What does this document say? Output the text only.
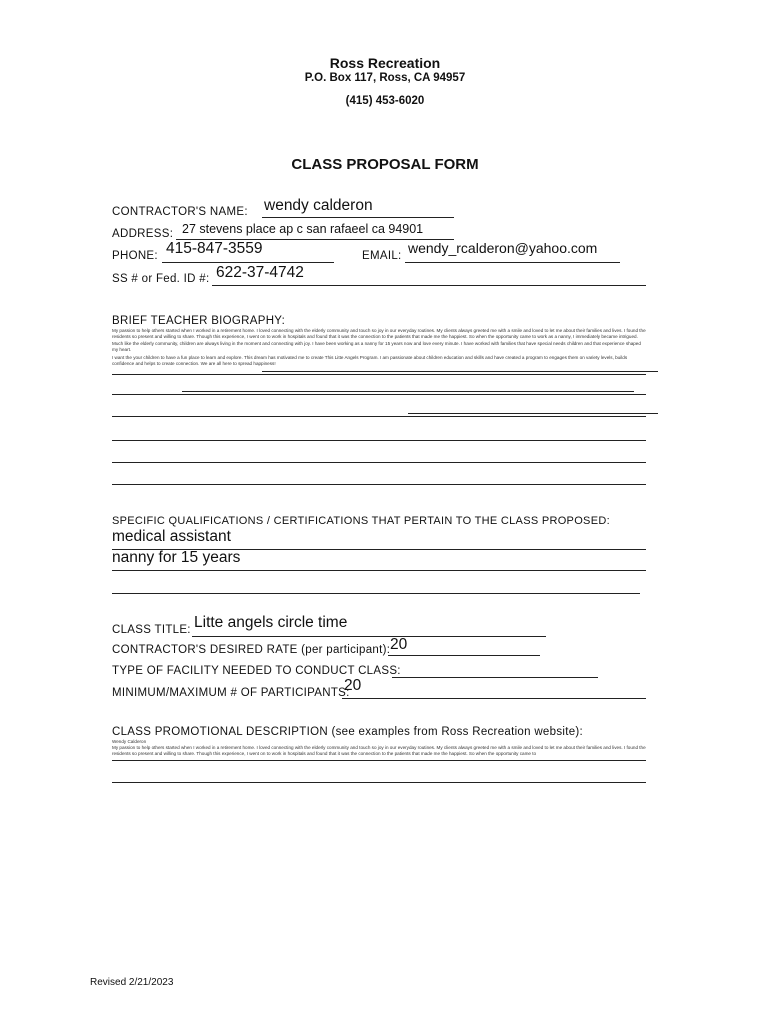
Ross Recreation
P.O. Box 117, Ross, CA 94957
(415) 453-6020
CLASS PROPOSAL FORM
CONTRACTOR'S NAME: wendy calderon
ADDRESS: 27 stevens place ap c san rafaeel ca 94901
PHONE: 415-847-3559	EMAIL: wendy_rcalderon@yahoo.com
SS # or Fed. ID #: 622-37-4742
BRIEF TEACHER BIOGRAPHY:
My passion to help others started when I worked in a retirement home. I loved connecting with the elderly community and touch so joy in our everyday routines. My clients always greeted me with a smile and loved to let me about their families and lives. I found the residents so present and willing to share. Though this experience, I went on to work in hospitals and found that it was the connection to the patients that made me the happiest. So when the opportunity came to work as a nanny, I immediately became intrigued. Much like the elderly community, children are always living in the moment and connecting with joy. I have been working as a nanny for 15 years now and love every minute. I have worked with families that have special needs children and that experience shaped my heart.
I want the your children to have a fun place to learn and explore. This dream has motivated me to create This Litte Angels Program. I am passionate about children education and skills and have created a program to engages them on variety levels, builds confidence and helps to create connection. We are all here to spread happiness!
SPECIFIC QUALIFICATIONS / CERTIFICATIONS THAT PERTAIN TO THE CLASS PROPOSED:
medical assistant
nanny for 15 years
CLASS TITLE: Litte angels circle time
CONTRACTOR'S DESIRED RATE (per participant): 20
TYPE OF FACILITY NEEDED TO CONDUCT CLASS:
MINIMUM/MAXIMUM # OF PARTICIPANTS:
20
CLASS PROMOTIONAL DESCRIPTION (see examples from Ross Recreation website):
Wendy Calderon
My passion to help others started when I worked in a retirement home. I loved connecting with the elderly community and touch so joy in our everyday routines. My clients always greeted me with a smile and loved to let me about their families and lives. I found the residents so present and willing to share. Though this experience, I went on to work in hospitals and found that it was the connection to the patients that made me the happiest. So when the opportunity came to
Revised 2/21/2023
